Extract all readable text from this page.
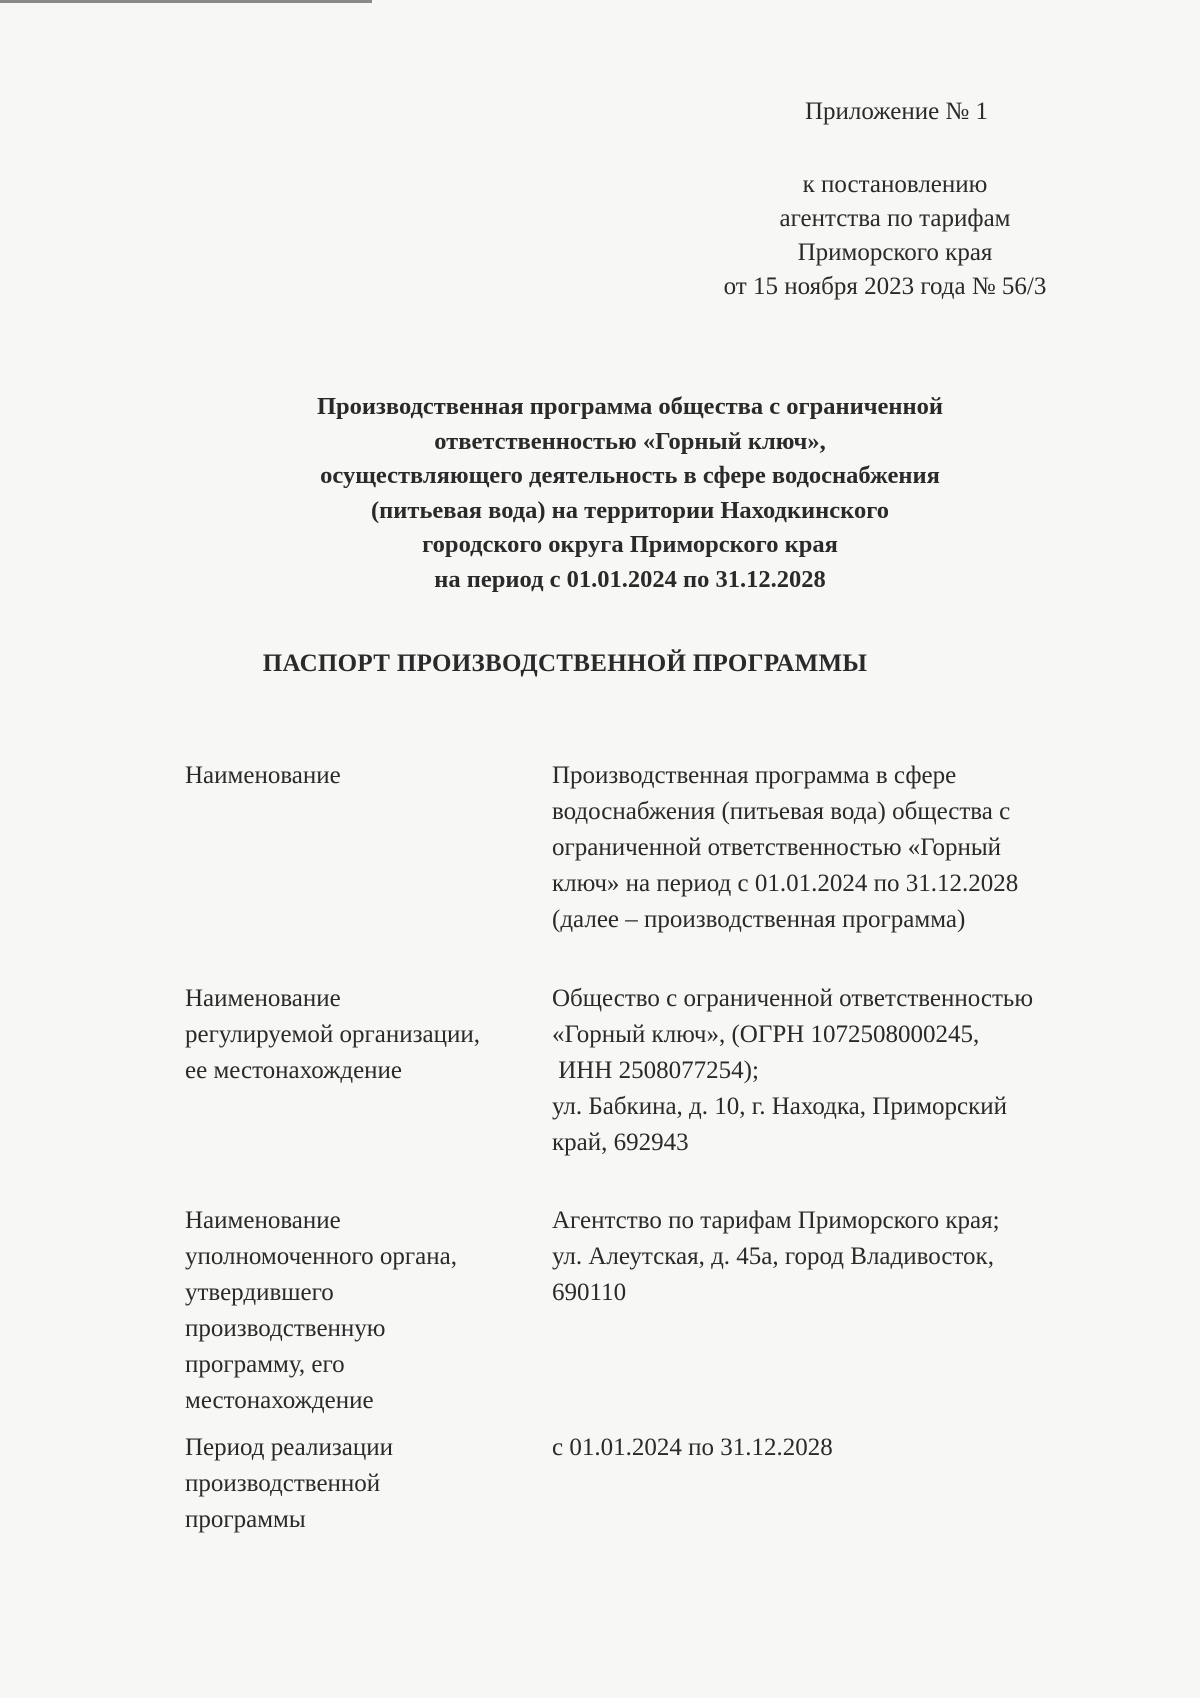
Приложение № 1
к постановлению
агентства по тарифам
Приморского края
от 15 ноября 2023 года № 56/3
Производственная программа общества с ограниченной
ответственностью «Горный ключ»,
осуществляющего деятельность в сфере водоснабжения
(питьевая вода) на территории Находкинского
городского округа Приморского края
на период с 01.01.2024 по 31.12.2028
ПАСПОРТ ПРОИЗВОДСТВЕННОЙ ПРОГРАММЫ
Наименование	Производственная программа в сфере
водоснабжения (питьевая вода) общества с
ограниченной ответственностью «Горный
ключ» на период с 01.01.2024 по 31.12.2028
(далее – производственная программа)
Наименование
регулируемой организации,
ее местонахождение
Общество с ограниченной ответственностью
«Горный ключ», (ОГРН 1072508000245,
ИНН 2508077254);
ул. Бабкина, д. 10, г. Находка, Приморский
край, 692943
Наименование
уполномоченного органа,
утвердившего
производственную
программу, его
местонахождение
Агентство по тарифам Приморского края;
ул. Алеутская, д. 45а, город Владивосток,
690110
Период реализации
производственной
программы
с 01.01.2024 по 31.12.2028
